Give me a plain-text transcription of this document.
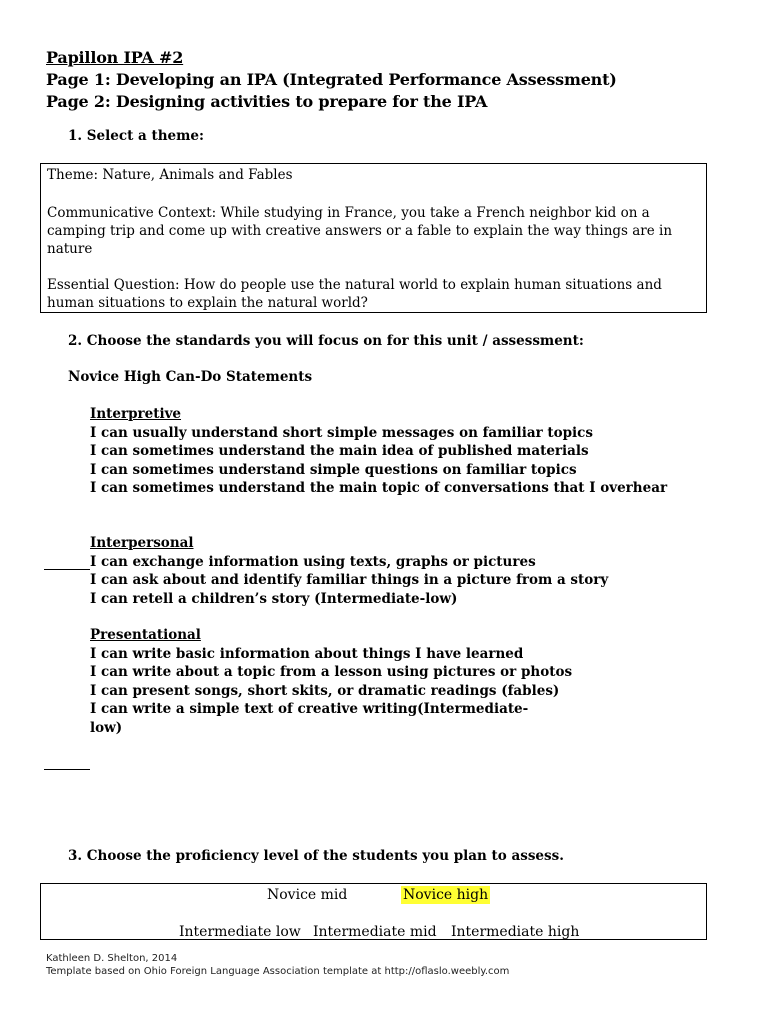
Papillon IPA #2
Page 1: Developing an IPA (Integrated Performance Assessment)
Page 2: Designing activities to prepare for the IPA
1. Select a theme:

Theme: Nature, Animals and Fables

Communicative Context: While studying in France, you take a French neighbor kid on a camping trip and come up with creative answers or a fable to explain the way things are in nature

Essential Question: How do people use the natural world to explain human situations and human situations to explain the natural world?

2. Choose the standards you will focus on for this unit / assessment:
Novice High Can-Do Statements
Interpretive
I can usually understand short simple messages on familiar topics
I can sometimes understand the main idea of published materials
I can sometimes understand simple questions on familiar topics
I can sometimes understand the main topic of conversations that I overhear
Interpersonal
I can exchange information using texts, graphs or pictures
I can ask about and identify familiar things in a picture from a story
I can retell a children’s story (Intermediate-low)
Presentational
I can write basic information about things I have learned
I can write about a topic from a lesson using pictures or photos
I can present songs, short skits, or dramatic readings (fables)
I can write a simple text of creative writing(Intermediate-
low)
3. Choose the proficiency level of the students you plan to assess.
Novice mid	Novice high
Intermediate low Intermediate mid Intermediate high
Kathleen D. Shelton, 2014
Template based on Ohio Foreign Language Association template at http://oflaslo.weebly.com
